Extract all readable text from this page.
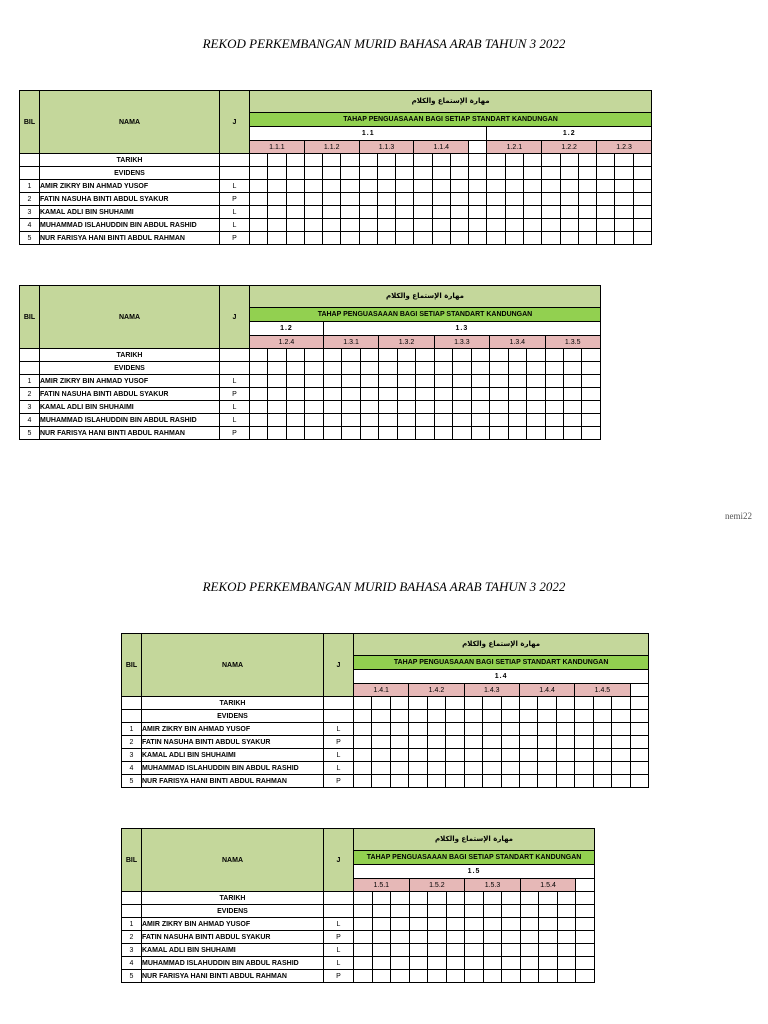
REKOD PERKEMBANGAN MURID BAHASA ARAB TAHUN 3 2022
BIL	NAMA	J	مهارة الإستماع والكلام																					
			TAHAP PENGUASAAAN BAGI SETIAP STANDART KANDUNGAN																					
			1.1													1.2								
			1.1.1			1.1.2			1.1.3			1.1.4				1.2.1			1.2.2			1.2.3		
	TARIKH																							
	EVIDENS																							
1	AMIR ZIKRY BIN AHMAD YUSOF	L																						
2	FATIN NASUHA BINTI ABDUL SYAKUR	P																						
3	KAMAL ADLI BIN SHUHAIMI	L																						
4	MUHAMMAD ISLAHUDDIN BIN ABDUL RASHID	L																						
5	NUR FARISYA HANI BINTI ABDUL RAHMAN	P																						
BIL	NAMA	J	مهارة الإستماع والكلام																		
			TAHAP PENGUASAAAN BAGI SETIAP STANDART KANDUNGAN																		
			1.2				1.3														
			1.2.4				1.3.1			1.3.2			1.3.3			1.3.4			1.3.5		
	TARIKH																				
	EVIDENS																				
1	AMIR ZIKRY BIN AHMAD YUSOF	L																			
2	FATIN NASUHA BINTI ABDUL SYAKUR	P																			
3	KAMAL ADLI BIN SHUHAIMI	L																			
4	MUHAMMAD ISLAHUDDIN BIN ABDUL RASHID	L																			
5	NUR FARISYA HANI BINTI ABDUL RAHMAN	P																			
nemi22
REKOD PERKEMBANGAN MURID BAHASA ARAB TAHUN 3 2022
BIL	NAMA	J	مهارة الإستماع والكلام															
			TAHAP PENGUASAAAN BAGI SETIAP STANDART KANDUNGAN															
			1.4															
			1.4.1			1.4.2			1.4.3			1.4.4			1.4.5			
	TARIKH																	
	EVIDENS																	
1	AMIR ZIKRY BIN AHMAD YUSOF	L																
2	FATIN NASUHA BINTI ABDUL SYAKUR	P																
3	KAMAL ADLI BIN SHUHAIMI	L																
4	MUHAMMAD ISLAHUDDIN BIN ABDUL RASHID	L																
5	NUR FARISYA HANI BINTI ABDUL RAHMAN	P																
BIL	NAMA	J	مهارة الإستماع والكلام												
			TAHAP PENGUASAAAN BAGI SETIAP STANDART KANDUNGAN												
			1.5												
			1.5.1			1.5.2			1.5.3			1.5.4			
	TARIKH														
	EVIDENS														
1	AMIR ZIKRY BIN AHMAD YUSOF	L													
2	FATIN NASUHA BINTI ABDUL SYAKUR	P													
3	KAMAL ADLI BIN SHUHAIMI	L													
4	MUHAMMAD ISLAHUDDIN BIN ABDUL RASHID	L													
5	NUR FARISYA HANI BINTI ABDUL RAHMAN	P													
